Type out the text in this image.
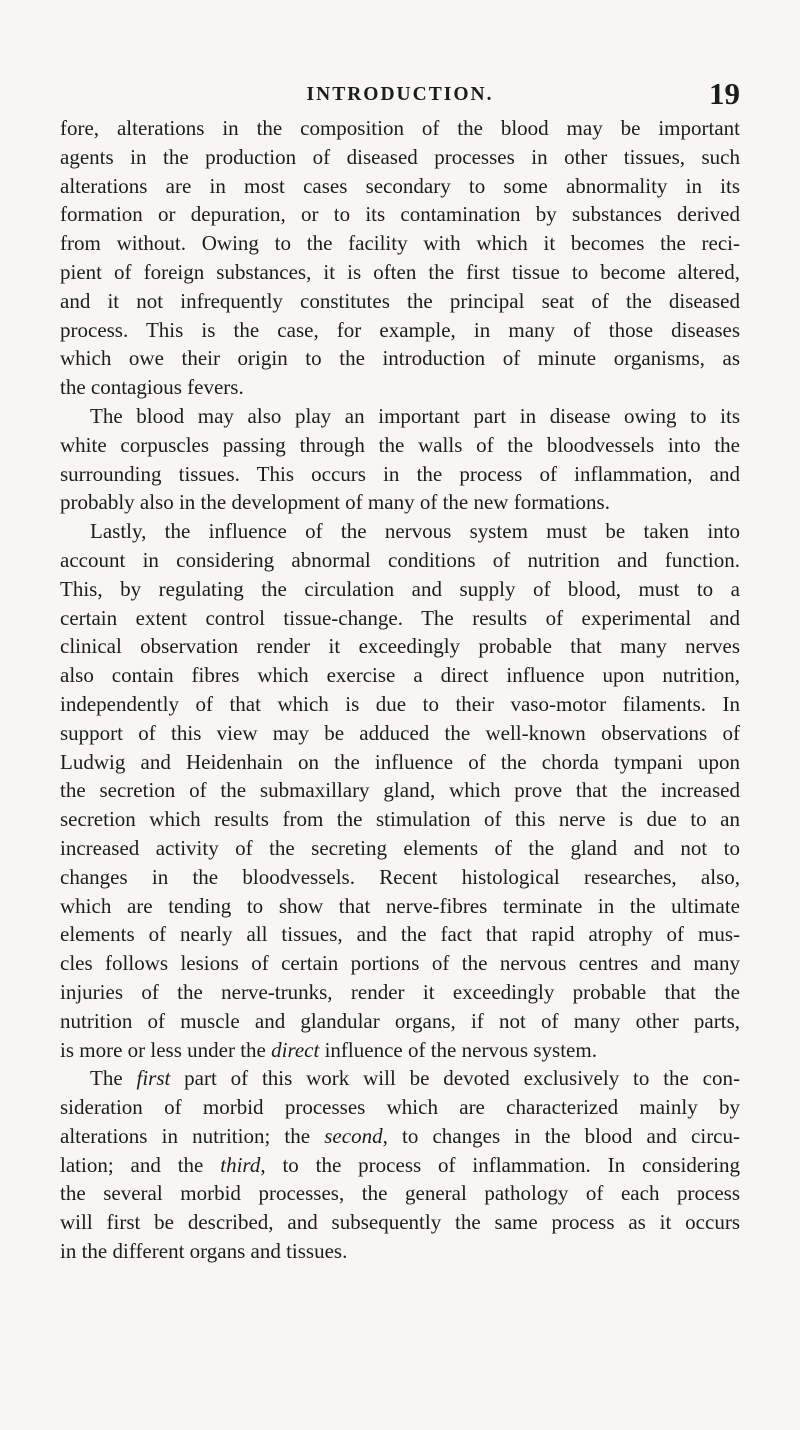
INTRODUCTION.	19
fore, alterations in the composition of the blood may be important
agents in the production of diseased processes in other tissues, such
alterations are in most cases secondary to some abnormality in its
formation or depuration, or to its contamination by substances derived
from without. Owing to the facility with which it becomes the reci-
pient of foreign substances, it is often the first tissue to become altered,
and it not infrequently constitutes the principal seat of the diseased
process. This is the case, for example, in many of those diseases
which owe their origin to the introduction of minute organisms, as
the contagious fevers.
The blood may also play an important part in disease owing to its
white corpuscles passing through the walls of the bloodvessels into the
surrounding tissues. This occurs in the process of inflammation, and
probably also in the development of many of the new formations.
Lastly, the influence of the nervous system must be taken into
account in considering abnormal conditions of nutrition and function.
This, by regulating the circulation and supply of blood, must to a
certain extent control tissue-change. The results of experimental and
clinical observation render it exceedingly probable that many nerves
also contain fibres which exercise a direct influence upon nutrition,
independently of that which is due to their vaso-motor filaments. In
support of this view may be adduced the well-known observations of
Ludwig and Heidenhain on the influence of the chorda tympani upon
the secretion of the submaxillary gland, which prove that the increased
secretion which results from the stimulation of this nerve is due to an
increased activity of the secreting elements of the gland and not to
changes in the bloodvessels. Recent histological researches, also,
which are tending to show that nerve-fibres terminate in the ultimate
elements of nearly all tissues, and the fact that rapid atrophy of mus-
cles follows lesions of certain portions of the nervous centres and many
injuries of the nerve-trunks, render it exceedingly probable that the
nutrition of muscle and glandular organs, if not of many other parts,
is more or less under the direct influence of the nervous system.
The first part of this work will be devoted exclusively to the con-
sideration of morbid processes which are characterized mainly by
alterations in nutrition; the second, to changes in the blood and circu-
lation; and the third, to the process of inflammation. In considering
the several morbid processes, the general pathology of each process
will first be described, and subsequently the same process as it occurs
in the different organs and tissues.
